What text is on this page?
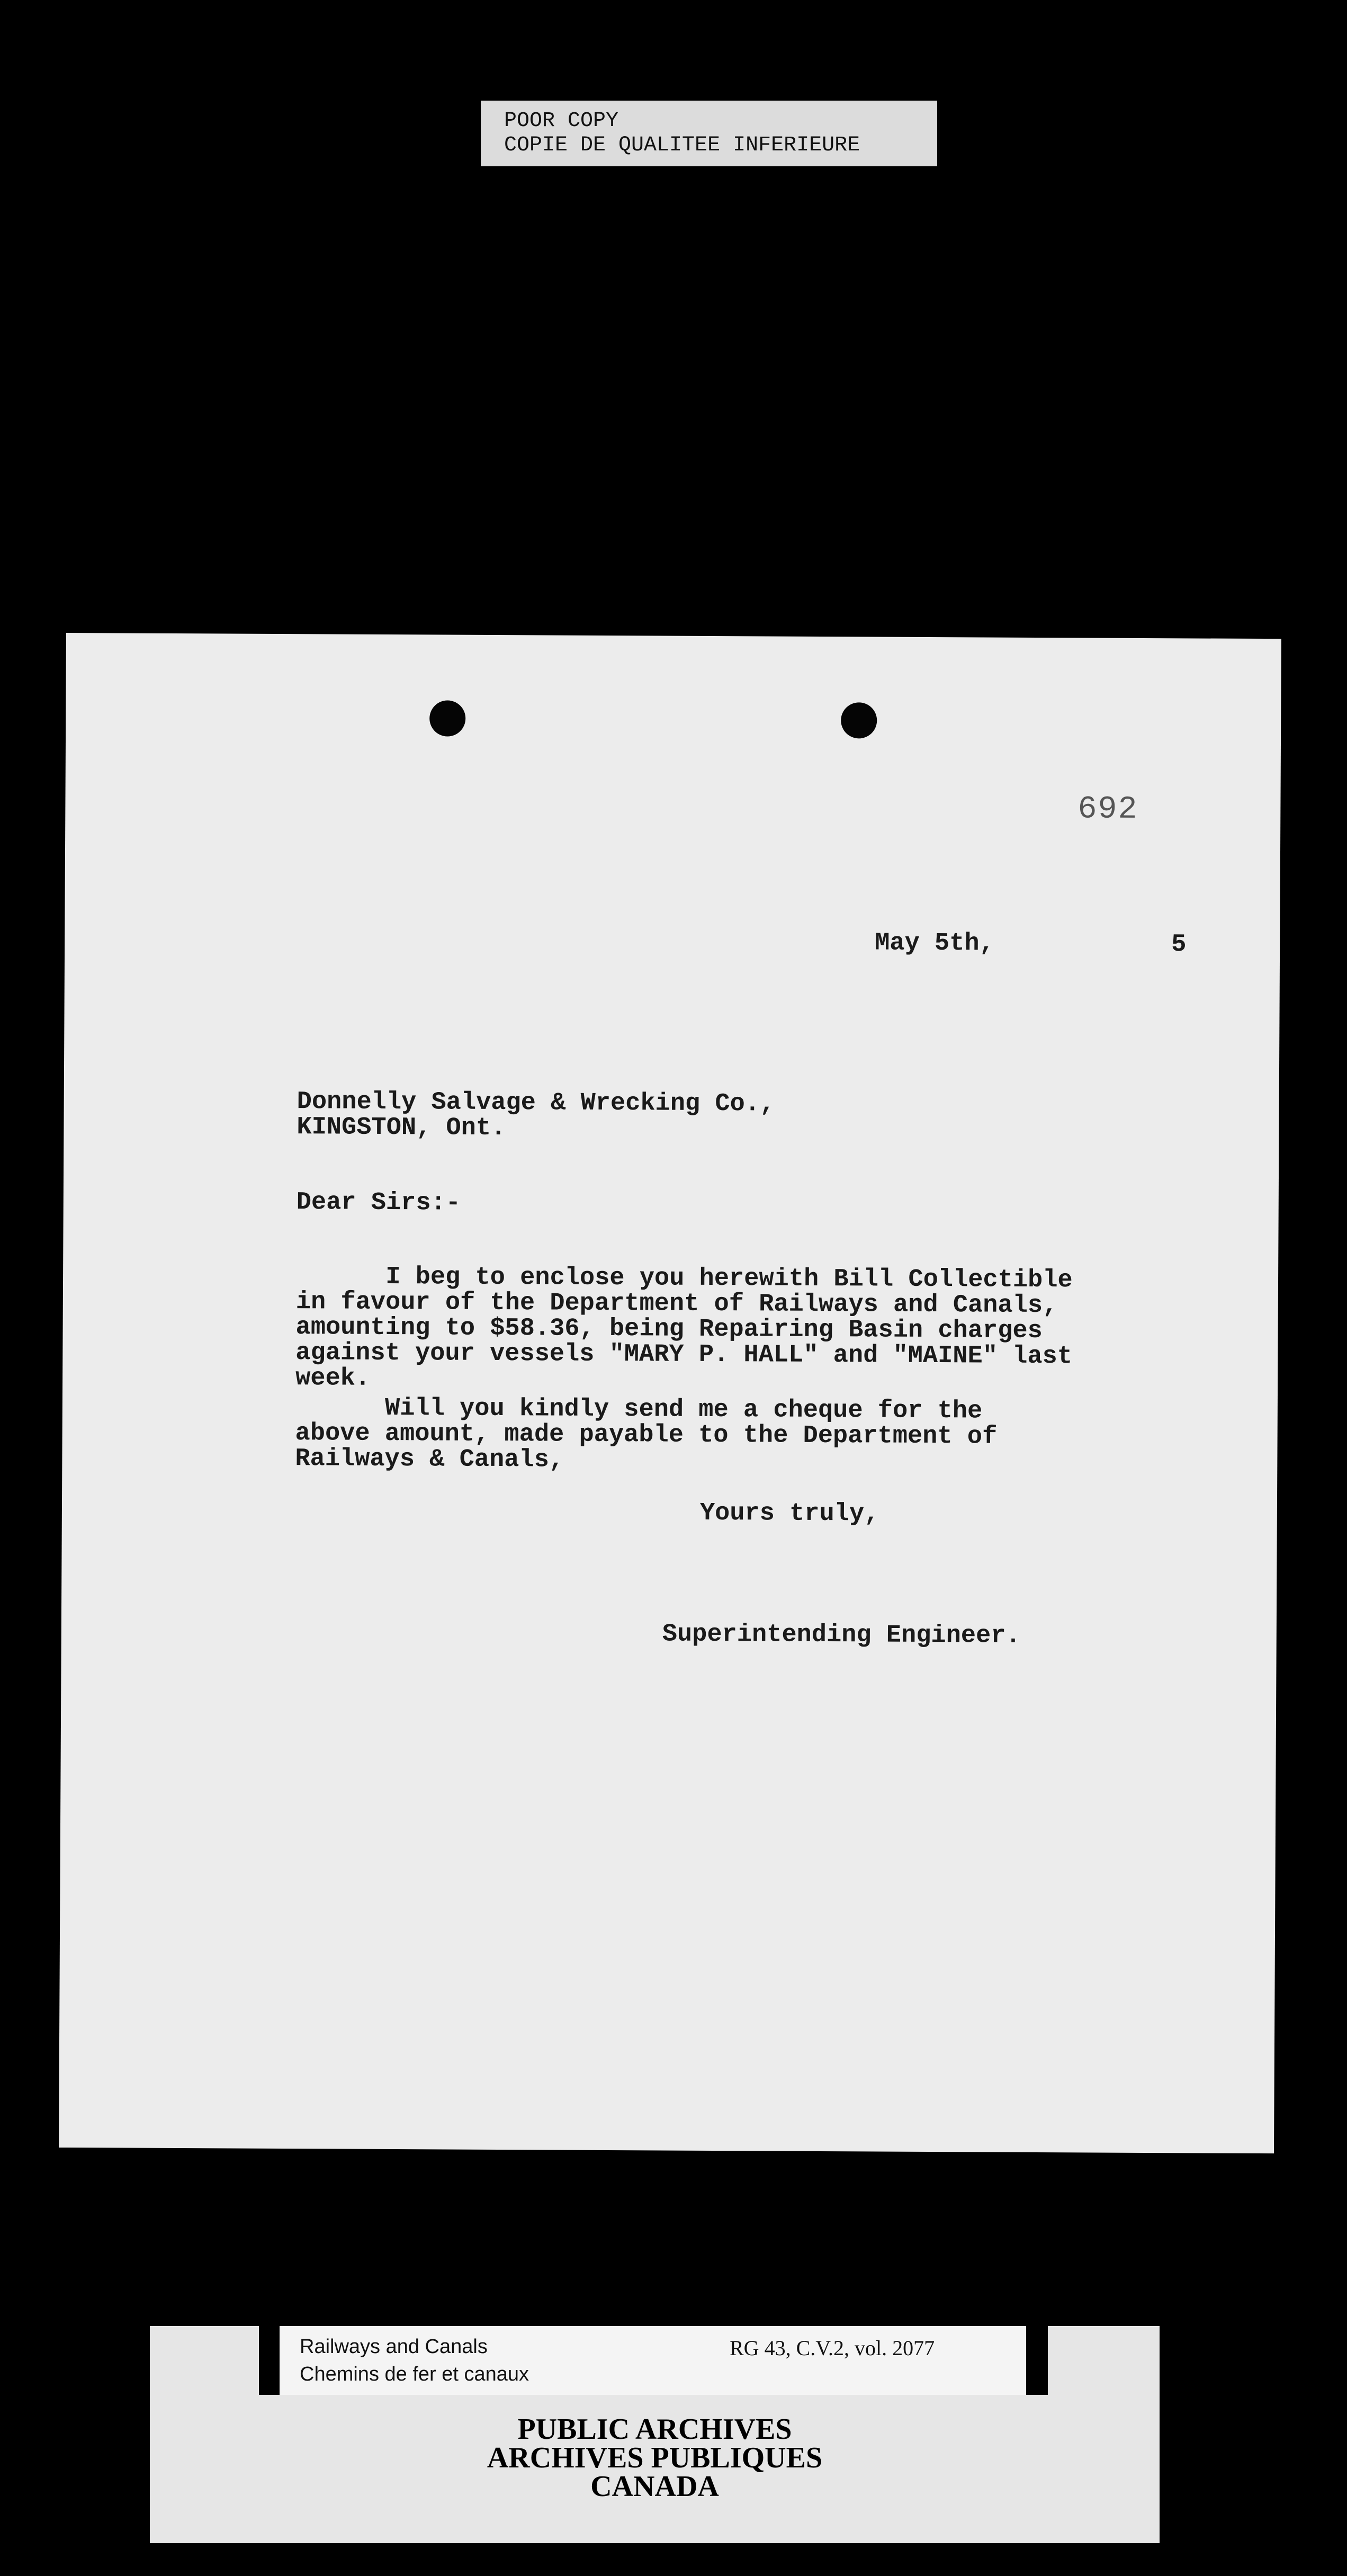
POOR COPY
COPIE DE QUALITEE INFERIEURE
692
May 5th,	5
Donnelly Salvage & Wrecking Co.,
KINGSTON, Ont.
Dear Sirs:-
I beg to enclose you herewith Bill Collectible
in favour of the Department of Railways and Canals,
amounting to $58.36, being Repairing Basin charges
against your vessels "MARY P. HALL" and "MAINE" last
week.
Will you kindly send me a cheque for the
above amount, made payable to the Department of
Railways & Canals,
Yours truly,
Superintending Engineer.
Railways and Canals
Chemins de fer et canaux
RG 43, C.V.2, vol. 2077
PUBLIC ARCHIVES
ARCHIVES PUBLIQUES
CANADA
